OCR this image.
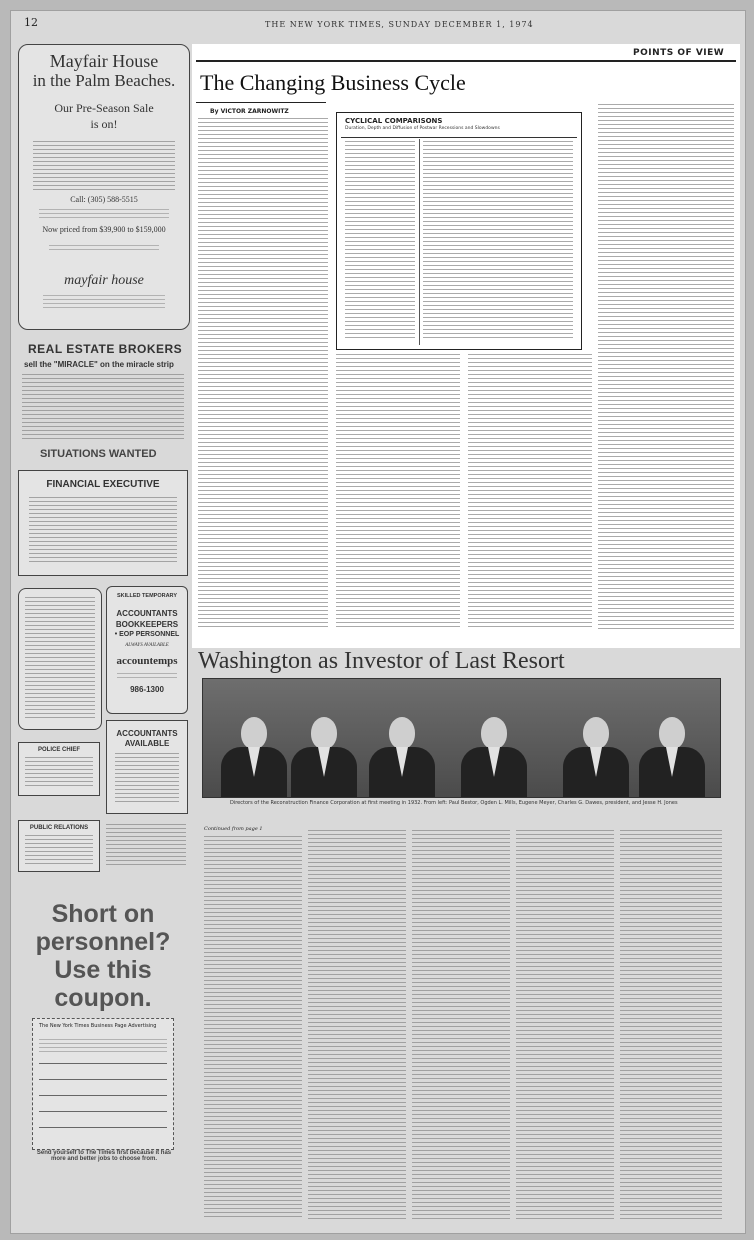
12	THE NEW YORK TIMES, SUNDAY DECEMBER 1, 1974
Mayfair House
in the Palm Beaches.
Our Pre-Season Sale
is on!
Call: (305) 588-5515
Now priced from $39,900 to $159,000
mayfair house
REAL ESTATE BROKERS
sell the "MIRACLE" on the miracle strip
SITUATIONS WANTED
FINANCIAL EXECUTIVE
SKILLED TEMPORARY
ACCOUNTANTS
BOOKKEEPERS
• EOP PERSONNEL
ALWAYS AVAILABLE
accountemps
986-1300
ACCOUNTANTS
AVAILABLE
POLICE CHIEF
PUBLIC RELATIONS
Short on
personnel?
Use this
coupon.
The New York Times Business Page Advertising
Send yourself to The Times first because it has more and better jobs to choose from.
POINTS OF VIEW
The Changing Business Cycle
By VICTOR ZARNOWITZ
CYCLICAL COMPARISONS
Duration, Depth and Diffusion of Postwar Recessions and Slowdowns
Washington as Investor of Last Resort
Directors of the Reconstruction Finance Corporation at first meeting in 1932. From left: Paul Bestor, Ogden L. Mills, Eugene Meyer, Charles G. Dawes, president, and Jesse H. Jones
Continued from page 1
